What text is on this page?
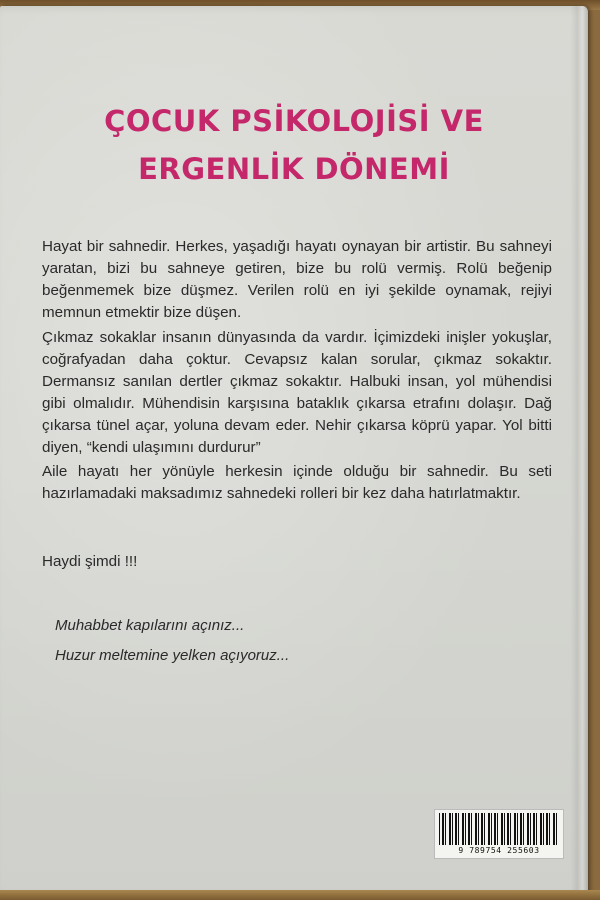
ÇOCUK PSİKOLOJİSİ VE
ERGENLİK DÖNEMİ
Hayat bir sahnedir. Herkes, yaşadığı hayatı oynayan bir artistir. Bu sahneyi yaratan, bizi bu sahneye getiren, bize bu rolü vermiş. Rolü beğenip beğenmemek bize düşmez. Verilen rolü en iyi şekilde oynamak, rejiyi memnun etmektir bize düşen.
Çıkmaz sokaklar insanın dünyasında da vardır. İçimizdeki inişler yokuşlar, coğrafyadan daha çoktur. Cevapsız kalan sorular, çıkmaz sokaktır. Dermansız sanılan dertler çıkmaz sokaktır. Halbuki insan, yol mühendisi gibi olmalıdır. Mühendisin karşısına bataklık çıkarsa etrafını dolaşır. Dağ çıkarsa tünel açar, yoluna devam eder. Nehir çıkarsa köprü yapar. Yol bitti diyen, “kendi ulaşımını durdurur”
Aile hayatı her yönüyle herkesin içinde olduğu bir sahnedir. Bu seti hazırlamadaki maksadımız sahnedeki rolleri bir kez daha hatırlatmaktır.
Haydi şimdi !!!
Muhabbet kapılarını açınız...
Huzur meltemine yelken açıyoruz...
9 789754 255603
